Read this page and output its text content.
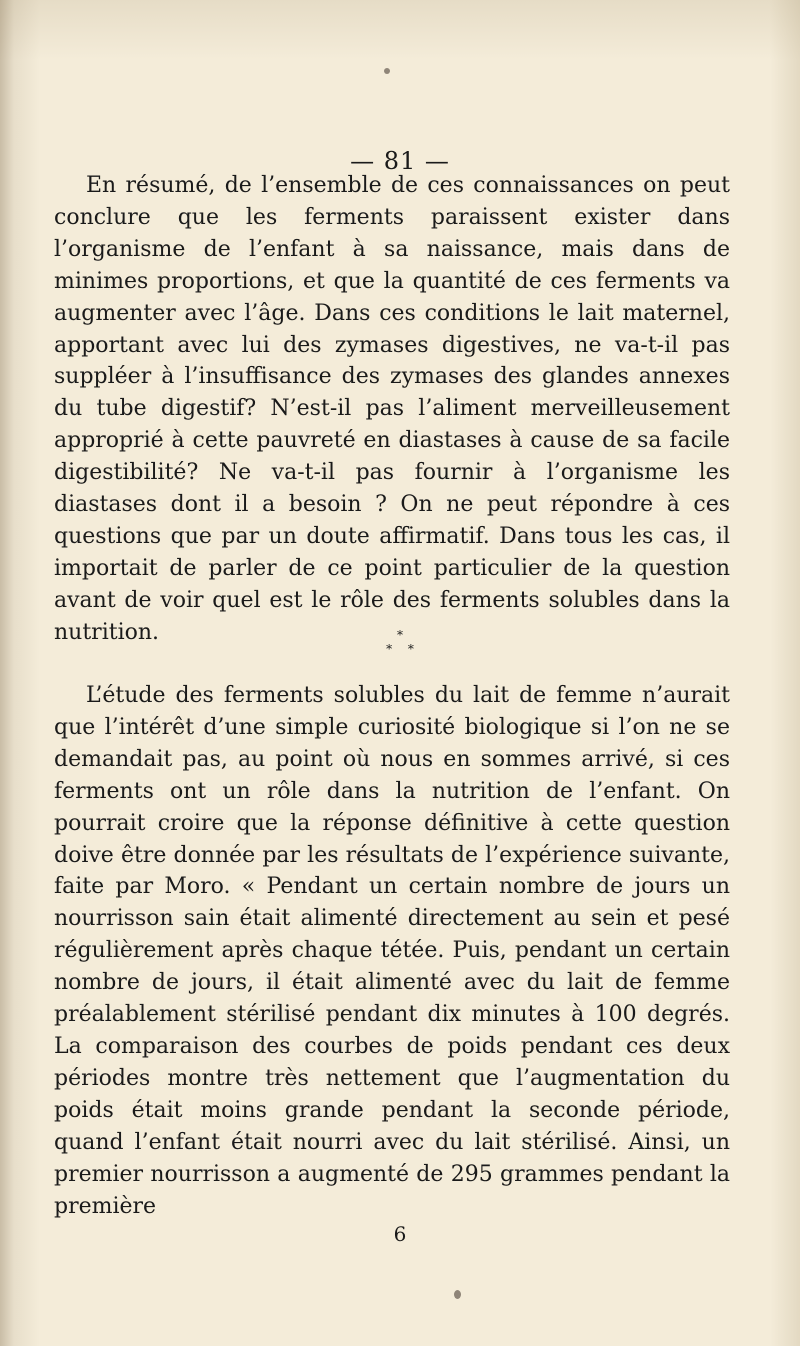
— 81 —

En résumé, de l’ensemble de ces connaissances on peut conclure que les ferments paraissent exister dans l’organisme de l’enfant à sa naissance, mais dans de minimes proportions, et que la quantité de ces ferments va augmenter avec l’âge. Dans ces conditions le lait maternel, apportant avec lui des zymases digestives, ne va-t-il pas suppléer à l’insuffisance des zymases des glandes annexes du tube digestif? N’est-il pas l’aliment merveilleusement approprié à cette pauvreté en diastases à cause de sa facile digestibilité? Ne va-t-il pas fournir à l’organisme les diastases dont il a besoin ? On ne peut répondre à ces questions que par un doute affirmatif. Dans tous les cas, il importait de parler de ce point particulier de la question avant de voir quel est le rôle des ferments solubles dans la nutrition.	*
* *

L’étude des ferments solubles du lait de femme n’aurait que l’intérêt d’une simple curiosité biologique si l’on ne se demandait pas, au point où nous en sommes arrivé, si ces ferments ont un rôle dans la nutrition de l’enfant. On pourrait croire que la réponse définitive à cette question doive être donnée par les résultats de l’expérience suivante, faite par Moro. « Pendant un certain nombre de jours un nourrisson sain était alimenté directement au sein et pesé régulièrement après chaque tétée. Puis, pendant un certain nombre de jours, il était alimenté avec du lait de femme préalablement stérilisé pendant dix minutes à 100 degrés. La comparaison des courbes de poids pendant ces deux périodes montre très nettement que l’augmentation du poids était moins grande pendant la seconde période, quand l’enfant était nourri avec du lait stérilisé. Ainsi, un premier nourrisson a augmenté de 295 grammes pendant la première

6
